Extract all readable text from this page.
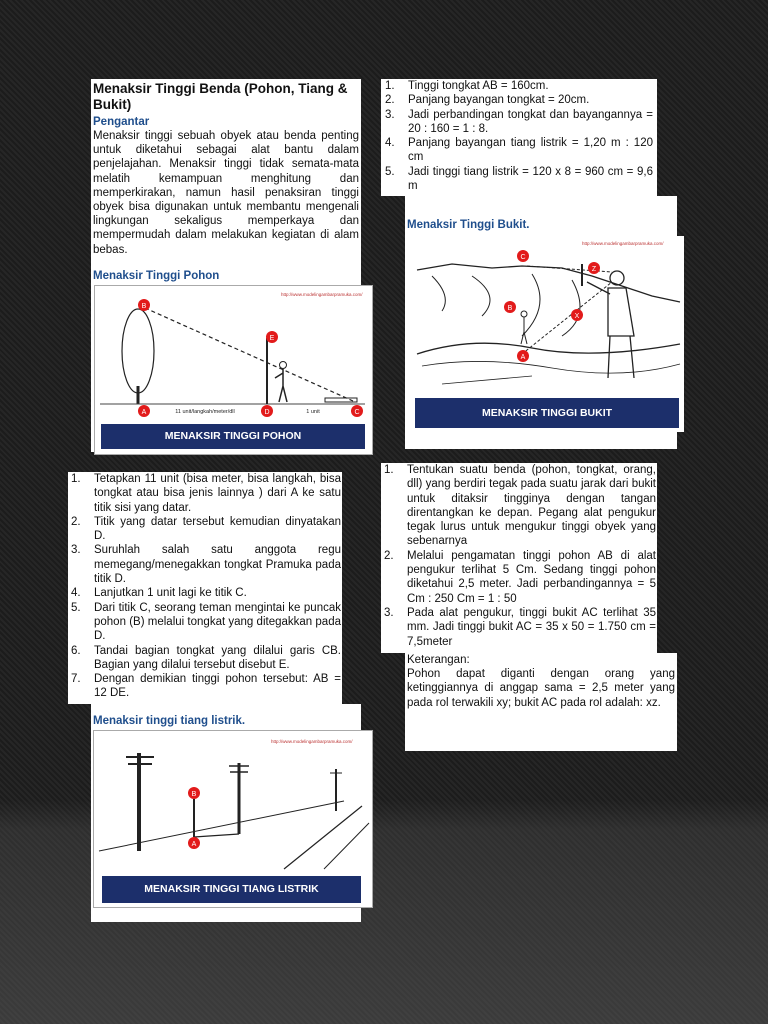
Menaksir Tinggi Benda (Pohon, Tiang & Bukit)

Pengantar

Menaksir tinggi sebuah obyek atau benda penting untuk diketahui sebagai alat bantu dalam penjelajahan. Menaksir tinggi tidak semata-mata melatih kemampuan menghitung dan memperkirakan, namun hasil penaksiran tinggi obyek bisa digunakan untuk membantu mengenali lingkungan sekaligus memperkaya dan mempermudah dalam melakukan kegiatan di alam bebas.

Menaksir Tinggi Pohon

http://www.modelingambarpramuka.com/
B
E
A	D	C
11 unit/langkah/meter/dll	1 unit
MENAKSIR TINGGI POHON
1. Tetapkan 11 unit (bisa meter, bisa langkah, bisa tongkat atau bisa jenis lainnya ) dari A ke satu titik sisi yang datar.
2. Titik yang datar tersebut kemudian dinyatakan D.
3. Suruhlah salah satu anggota regu memegang/menegakkan tongkat Pramuka pada titik D.
4. Lanjutkan 1 unit lagi ke titik C.
5. Dari titik C, seorang teman mengintai ke puncak pohon (B) melalui tongkat yang ditegakkan pada D.
6. Tandai bagian tongkat yang dilalui garis CB. Bagian yang dilalui tersebut disebut E.
7. Dengan demikian tinggi pohon tersebut: AB = 12 DE.

Menaksir tinggi tiang listrik.

http://www.modelingambarpramuka.com/
B
A
MENAKSIR TINGGI TIANG LISTRIK
1. Tinggi tongkat AB = 160cm.
2. Panjang bayangan tongkat = 20cm.
3. Jadi perbandingan tongkat dan bayangannya = 20 : 160 = 1 : 8.
4. Panjang bayangan tiang listrik = 1,20 m : 120 cm
5. Jadi tinggi tiang listrik = 120 x 8 = 960 cm = 9,6 m

Menaksir Tinggi Bukit.

http://www.modelingambarpramuka.com/
C
Z
B
X
A
MENAKSIR TINGGI BUKIT
1. Tentukan suatu benda (pohon, tongkat, orang, dll) yang berdiri tegak pada suatu jarak dari bukit untuk ditaksir tingginya dengan tangan direntangkan ke depan. Pegang alat pengukur tegak lurus untuk mengukur tinggi obyek yang sebenarnya
2. Melalui pengamatan tinggi pohon AB di alat pengukur terlihat 5 Cm. Sedang tinggi pohon diketahui 2,5 meter. Jadi perbandingannya = 5 Cm : 250 Cm = 1 : 50
3. Pada alat pengukur, tinggi bukit AC terlihat 35 mm. Jadi tinggi bukit AC = 35 x 50 = 1.750 cm = 7,5meter

Keterangan:

Pohon dapat diganti dengan orang yang ketinggiannya di anggap sama = 2,5 meter yang pada rol terwakili xy; bukit AC pada rol adalah: xz.
